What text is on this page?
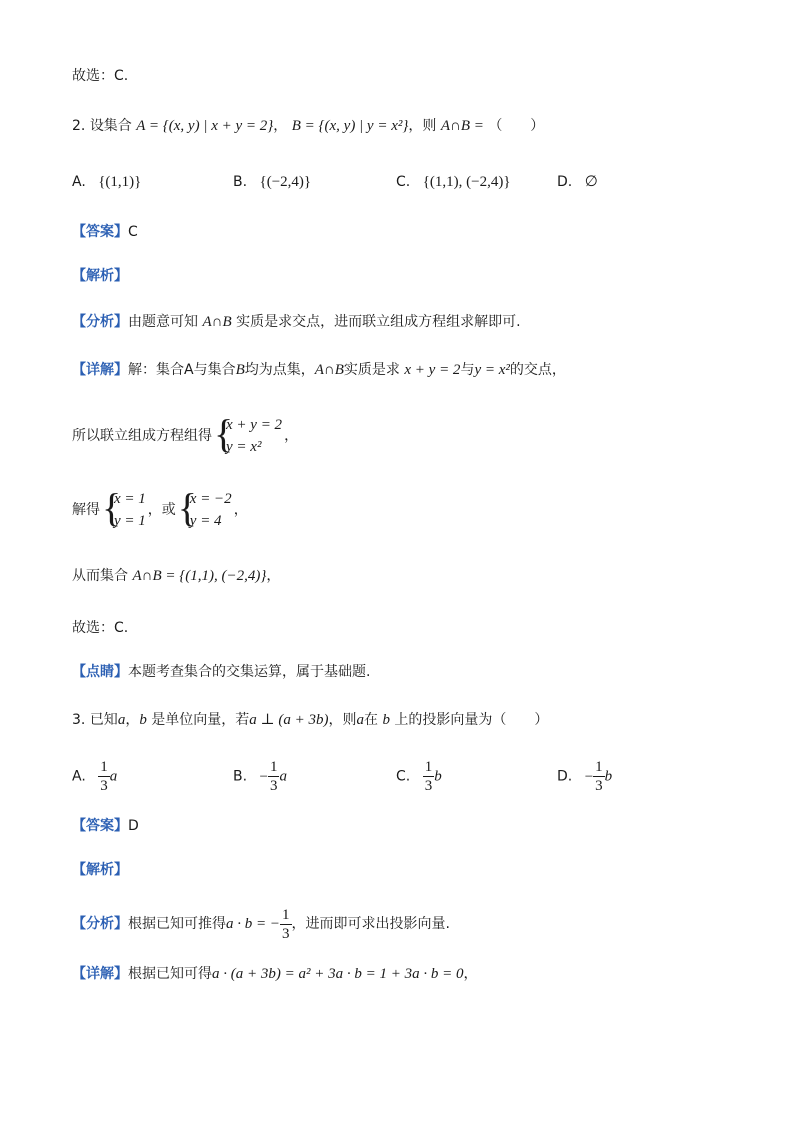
故选：C.
2. 设集合 A = {(x, y) | x + y = 2}， B = {(x, y) | y = x²}，则 A∩B = （　　）
A. {(1,1)}	B. {(−2,4)}	C. {(1,1), (−2,4)}	D. ∅
【答案】C
【解析】
【分析】由题意可知 A∩B 实质是求交点，进而联立组成方程组求解即可.
【详解】解：集合A与集合B均为点集，A∩B实质是求 x + y = 2与y = x²的交点，
所以联立组成方程组得 {
x + y = 2
y = x²
，
解得 {
x = 1
y = 1
，或 {
x = −2
y = 4
，
从而集合 A∩B = {(1,1), (−2,4)}，
故选：C.
【点睛】本题考查集合的交集运算，属于基础题.
3. 已知a，b 是单位向量，若a ⊥ (a + 3b)，则a在 b 上的投影向量为（　　）
A. $\frac{1}{3}$ a	B. − $\frac{1}{3}$ a	C. $\frac{1}{3}$ b	D. − $\frac{1}{3}$ b
【答案】D
【解析】
【分析】根据已知可推得a · b = − $\frac{1}{3}$ ，进而即可求出投影向量.
【详解】根据已知可得a · (a + 3b) = a² + 3a · b = 1 + 3a · b = 0，
